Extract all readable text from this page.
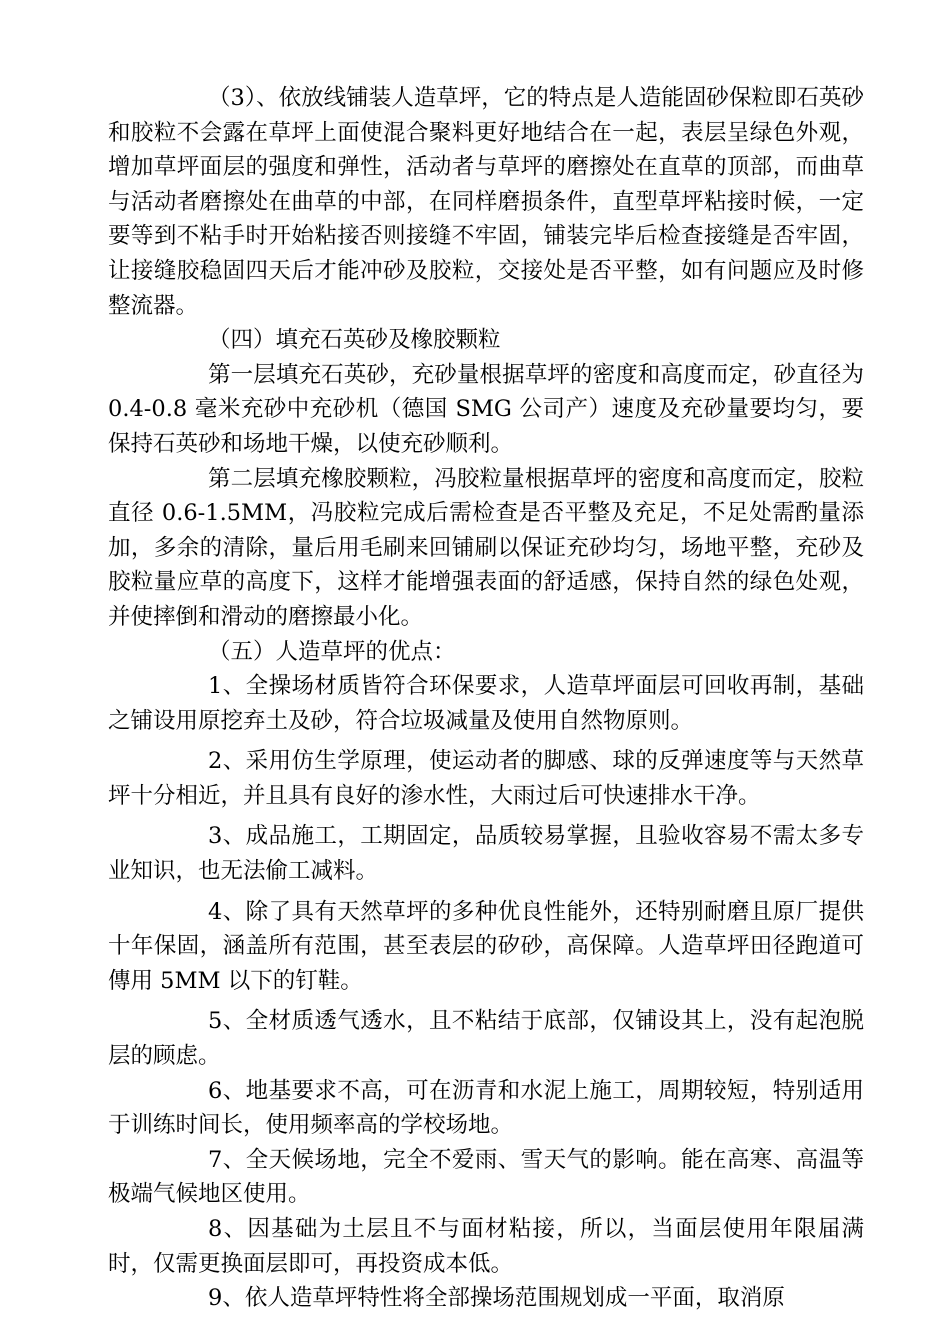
（3）、依放线铺装人造草坪，它的特点是人造能固砂保粒即石英砂和胶粒不会露在草坪上面使混合聚料更好地结合在一起，表层呈绿色外观，增加草坪面层的强度和弹性，活动者与草坪的磨擦处在直草的顶部，而曲草与活动者磨擦处在曲草的中部，在同样磨损条件，直型草坪粘接时候，一定要等到不粘手时开始粘接否则接缝不牢固，铺装完毕后检查接缝是否牢固，让接缝胶稳固四天后才能冲砂及胶粒，交接处是否平整，如有问题应及时修整流器。

（四）填充石英砂及橡胶颗粒

第一层填充石英砂，充砂量根据草坪的密度和高度而定，砂直径为 0.4-0.8 毫米充砂中充砂机（德国 SMG 公司产）速度及充砂量要均匀，要保持石英砂和场地干燥，以使充砂顺利。

第二层填充橡胶颗粒，冯胶粒量根据草坪的密度和高度而定，胶粒直径 0.6-1.5MM，冯胶粒完成后需检查是否平整及充足，不足处需酌量添加，多余的清除，量后用毛刷来回铺刷以保证充砂均匀，场地平整，充砂及胶粒量应草的高度下，这样才能增强表面的舒适感，保持自然的绿色处观，并使摔倒和滑动的磨擦最小化。

（五）人造草坪的优点：

1、全操场材质皆符合环保要求，人造草坪面层可回收再制，基础之铺设用原挖弃土及砂，符合垃圾减量及使用自然物原则。

2、采用仿生学原理，使运动者的脚感、球的反弹速度等与天然草坪十分相近，并且具有良好的渗水性，大雨过后可快速排水干净。

3、成品施工，工期固定，品质较易掌握，且验收容易不需太多专业知识，也无法偷工减料。

4、除了具有天然草坪的多种优良性能外，还特别耐磨且原厂提供十年保固，涵盖所有范围，甚至表层的矽砂，高保障。人造草坪田径跑道可傳用 5MM 以下的钉鞋。

5、全材质透气透水，且不粘结于底部，仅铺设其上，没有起泡脱层的顾虑。

6、地基要求不高，可在沥青和水泥上施工，周期较短，特别适用于训练时间长，使用频率高的学校场地。

7、全天候场地，完全不爱雨、雪天气的影响。能在高寒、高温等极端气候地区使用。

8、因基础为土层且不与面材粘接，所以，当面层使用年限届满时，仅需更换面层即可，再投资成本低。

9、依人造草坪特性将全部操场范围规划成一平面，取消原
